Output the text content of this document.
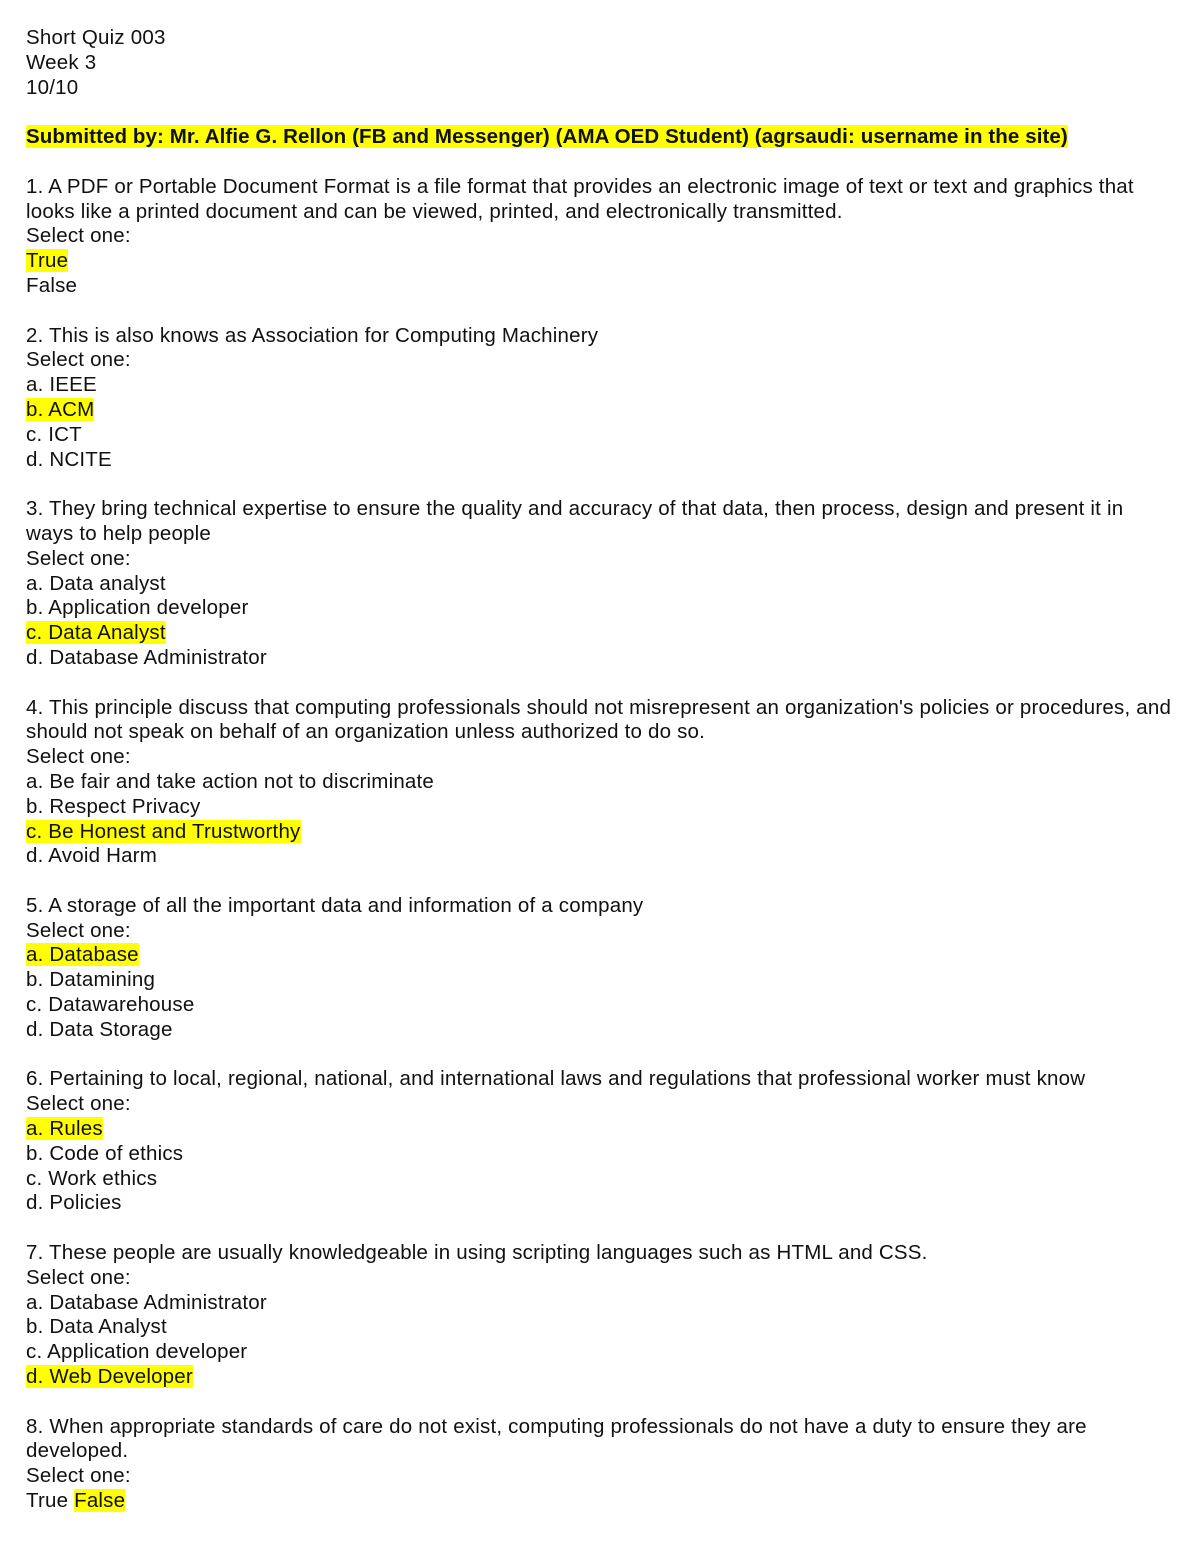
Short Quiz 003
Week 3
10/10
Submitted by: Mr. Alfie G. Rellon (FB and Messenger) (AMA OED Student) (agrsaudi: username in the site)
1. A PDF or Portable Document Format is a file format that provides an electronic image of text or text and graphics that looks like a printed document and can be viewed, printed, and electronically transmitted.
Select one:
True
False
2. This is also knows as Association for Computing Machinery
Select one:
a. IEEE
b. ACM
c. ICT
d. NCITE
3. They bring technical expertise to ensure the quality and accuracy of that data, then process, design and present it in ways to help people
Select one:
a. Data analyst
b. Application developer
c. Data Analyst
d. Database Administrator
4. This principle discuss that computing professionals should not misrepresent an organization's policies or procedures, and should not speak on behalf of an organization unless authorized to do so.
Select one:
a. Be fair and take action not to discriminate
b. Respect Privacy
c. Be Honest and Trustworthy
d. Avoid Harm
5. A storage of all the important data and information of a company
Select one:
a. Database
b. Datamining
c. Datawarehouse
d. Data Storage
6. Pertaining to local, regional, national, and international laws and regulations that professional worker must know
Select one:
a. Rules
b. Code of ethics
c. Work ethics
d. Policies
7. These people are usually knowledgeable in using scripting languages such as HTML and CSS.
Select one:
a. Database Administrator
b. Data Analyst
c. Application developer
d. Web Developer
8. When appropriate standards of care do not exist, computing professionals do not have a duty to ensure they are developed.
Select one:
True False
